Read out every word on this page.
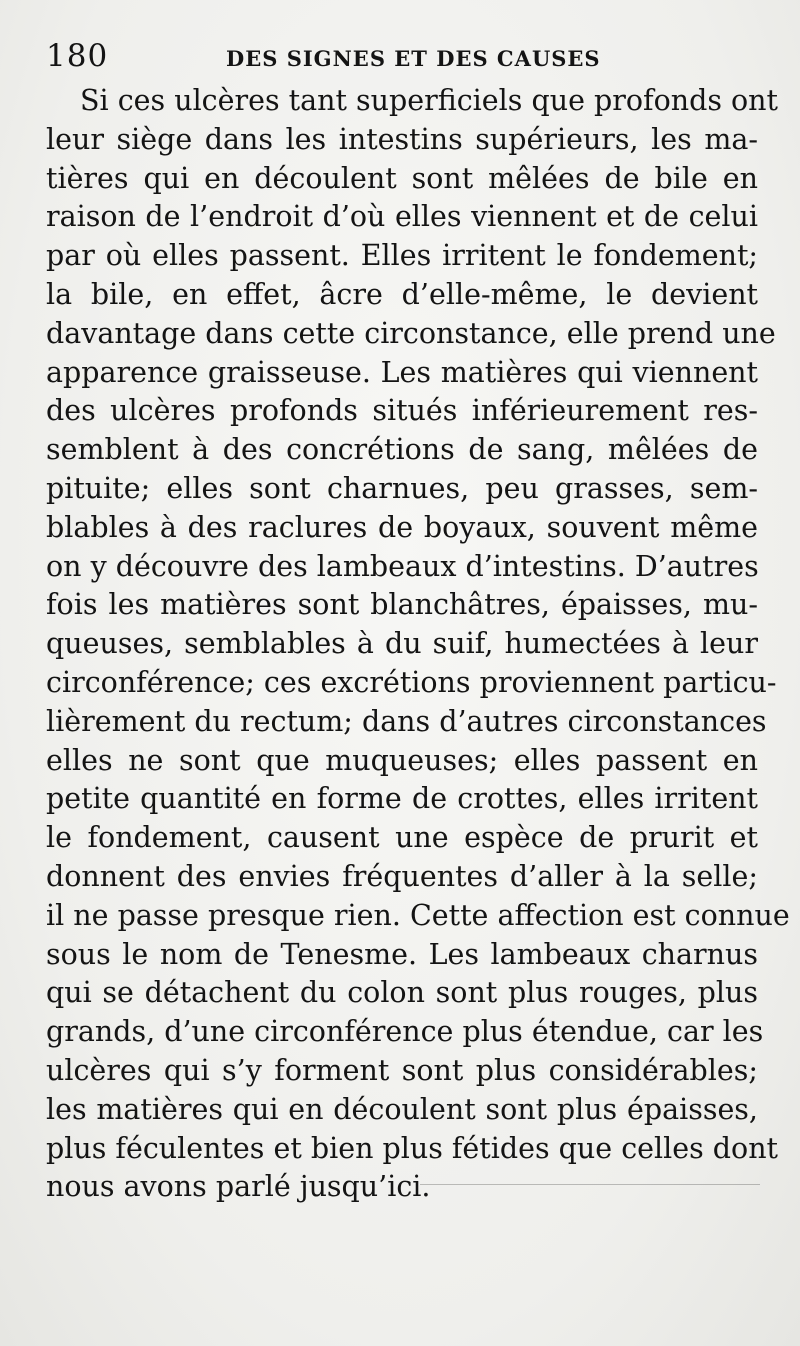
180	DES SIGNES ET DES CAUSES
Si ces ulcères tant superficiels que profonds ont
leur siège dans les intestins supérieurs, les ma-
tières qui en découlent sont mêlées de bile en
raison de l’endroit d’où elles viennent et de celui
par où elles passent. Elles irritent le fondement;
la bile, en effet, âcre d’elle-même, le devient
davantage dans cette circonstance, elle prend une
apparence graisseuse. Les matières qui viennent
des ulcères profonds situés inférieurement res-
semblent à des concrétions de sang, mêlées de
pituite; elles sont charnues, peu grasses, sem-
blables à des raclures de boyaux, souvent même
on y découvre des lambeaux d’intestins. D’autres
fois les matières sont blanchâtres, épaisses, mu-
queuses, semblables à du suif, humectées à leur
circonférence; ces excrétions proviennent particu-
lièrement du rectum; dans d’autres circonstances
elles ne sont que muqueuses; elles passent en
petite quantité en forme de crottes, elles irritent
le fondement, causent une espèce de prurit et
donnent des envies fréquentes d’aller à la selle;
il ne passe presque rien. Cette affection est connue
sous le nom de Tenesme. Les lambeaux charnus
qui se détachent du colon sont plus rouges, plus
grands, d’une circonférence plus étendue, car les
ulcères qui s’y forment sont plus considérables;
les matières qui en découlent sont plus épaisses,
plus féculentes et bien plus fétides que celles dont
nous avons parlé jusqu’ici.
